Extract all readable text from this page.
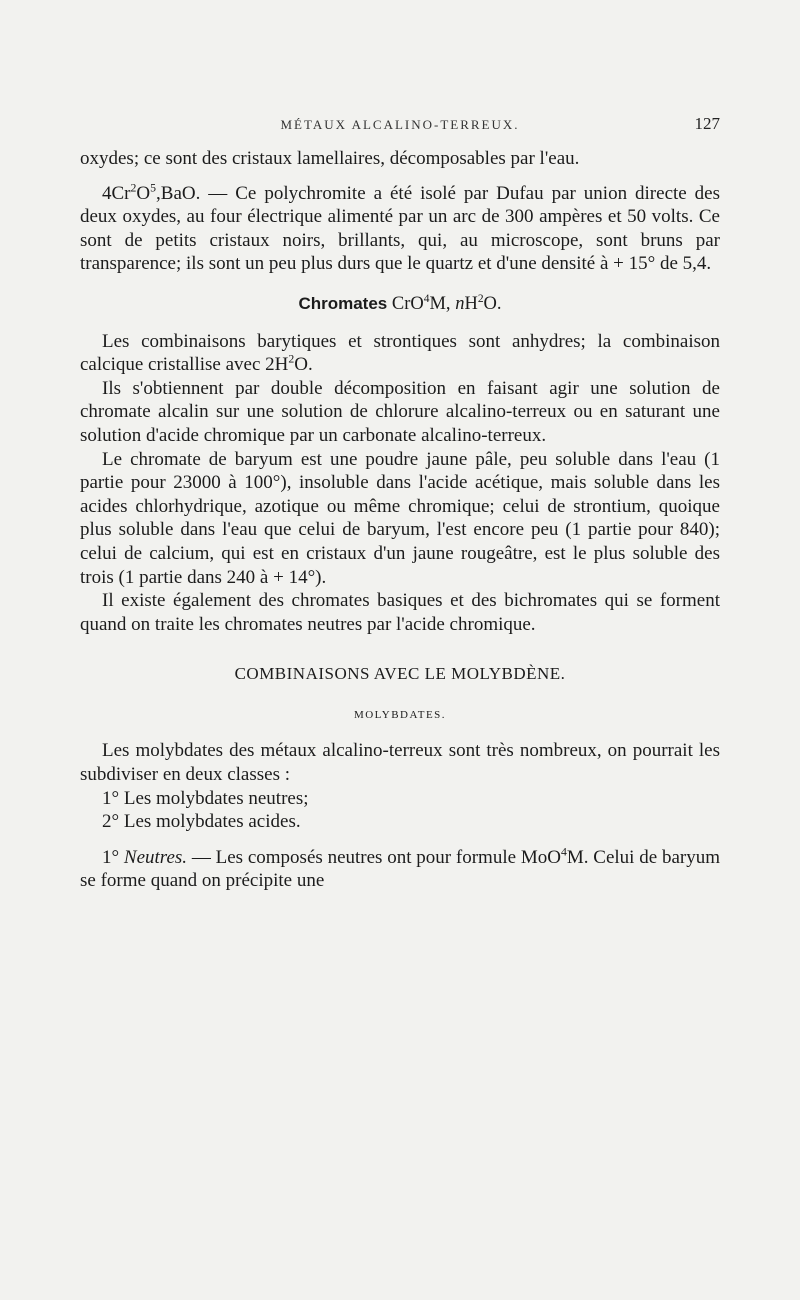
MÉTAUX ALCALINO-TERREUX.	127

oxydes; ce sont des cristaux lamellaires, décomposables par l'eau.

$4Cr^2O^5,BaO$. — Ce polychromite a été isolé par Dufau par union directe des deux oxydes, au four électrique alimenté par un arc de 300 ampères et 50 volts. Ce sont de petits cristaux noirs, brillants, qui, au microscope, sont bruns par transparence; ils sont un peu plus durs que le quartz et d'une densité à + 15° de 5,4.

Chromates CrO$^4$M, $nH^2O$.

Les combinaisons barytiques et strontiques sont anhydres; la combinaison calcique cristallise avec $2H^2O$.

Ils s'obtiennent par double décomposition en faisant agir une solution de chromate alcalin sur une solution de chlorure alcalino-terreux ou en saturant une solution d'acide chromique par un carbonate alcalino-terreux.

Le chromate de baryum est une poudre jaune pâle, peu soluble dans l'eau (1 partie pour 23000 à 100°), insoluble dans l'acide acétique, mais soluble dans les acides chlorhydrique, azotique ou même chromique; celui de strontium, quoique plus soluble dans l'eau que celui de baryum, l'est encore peu (1 partie pour 840); celui de calcium, qui est en cristaux d'un jaune rougeâtre, est le plus soluble des trois (1 partie dans 240 à + 14°).

Il existe également des chromates basiques et des bichromates qui se forment quand on traite les chromates neutres par l'acide chromique.

COMBINAISONS AVEC LE MOLYBDÈNE.

MOLYBDATES.

Les molybdates des métaux alcalino-terreux sont très nombreux, on pourrait les subdiviser en deux classes :

1° Les molybdates neutres;

2° Les molybdates acides.

1° Neutres. — Les composés neutres ont pour formule MoO$^4$M. Celui de baryum se forme quand on précipite une
